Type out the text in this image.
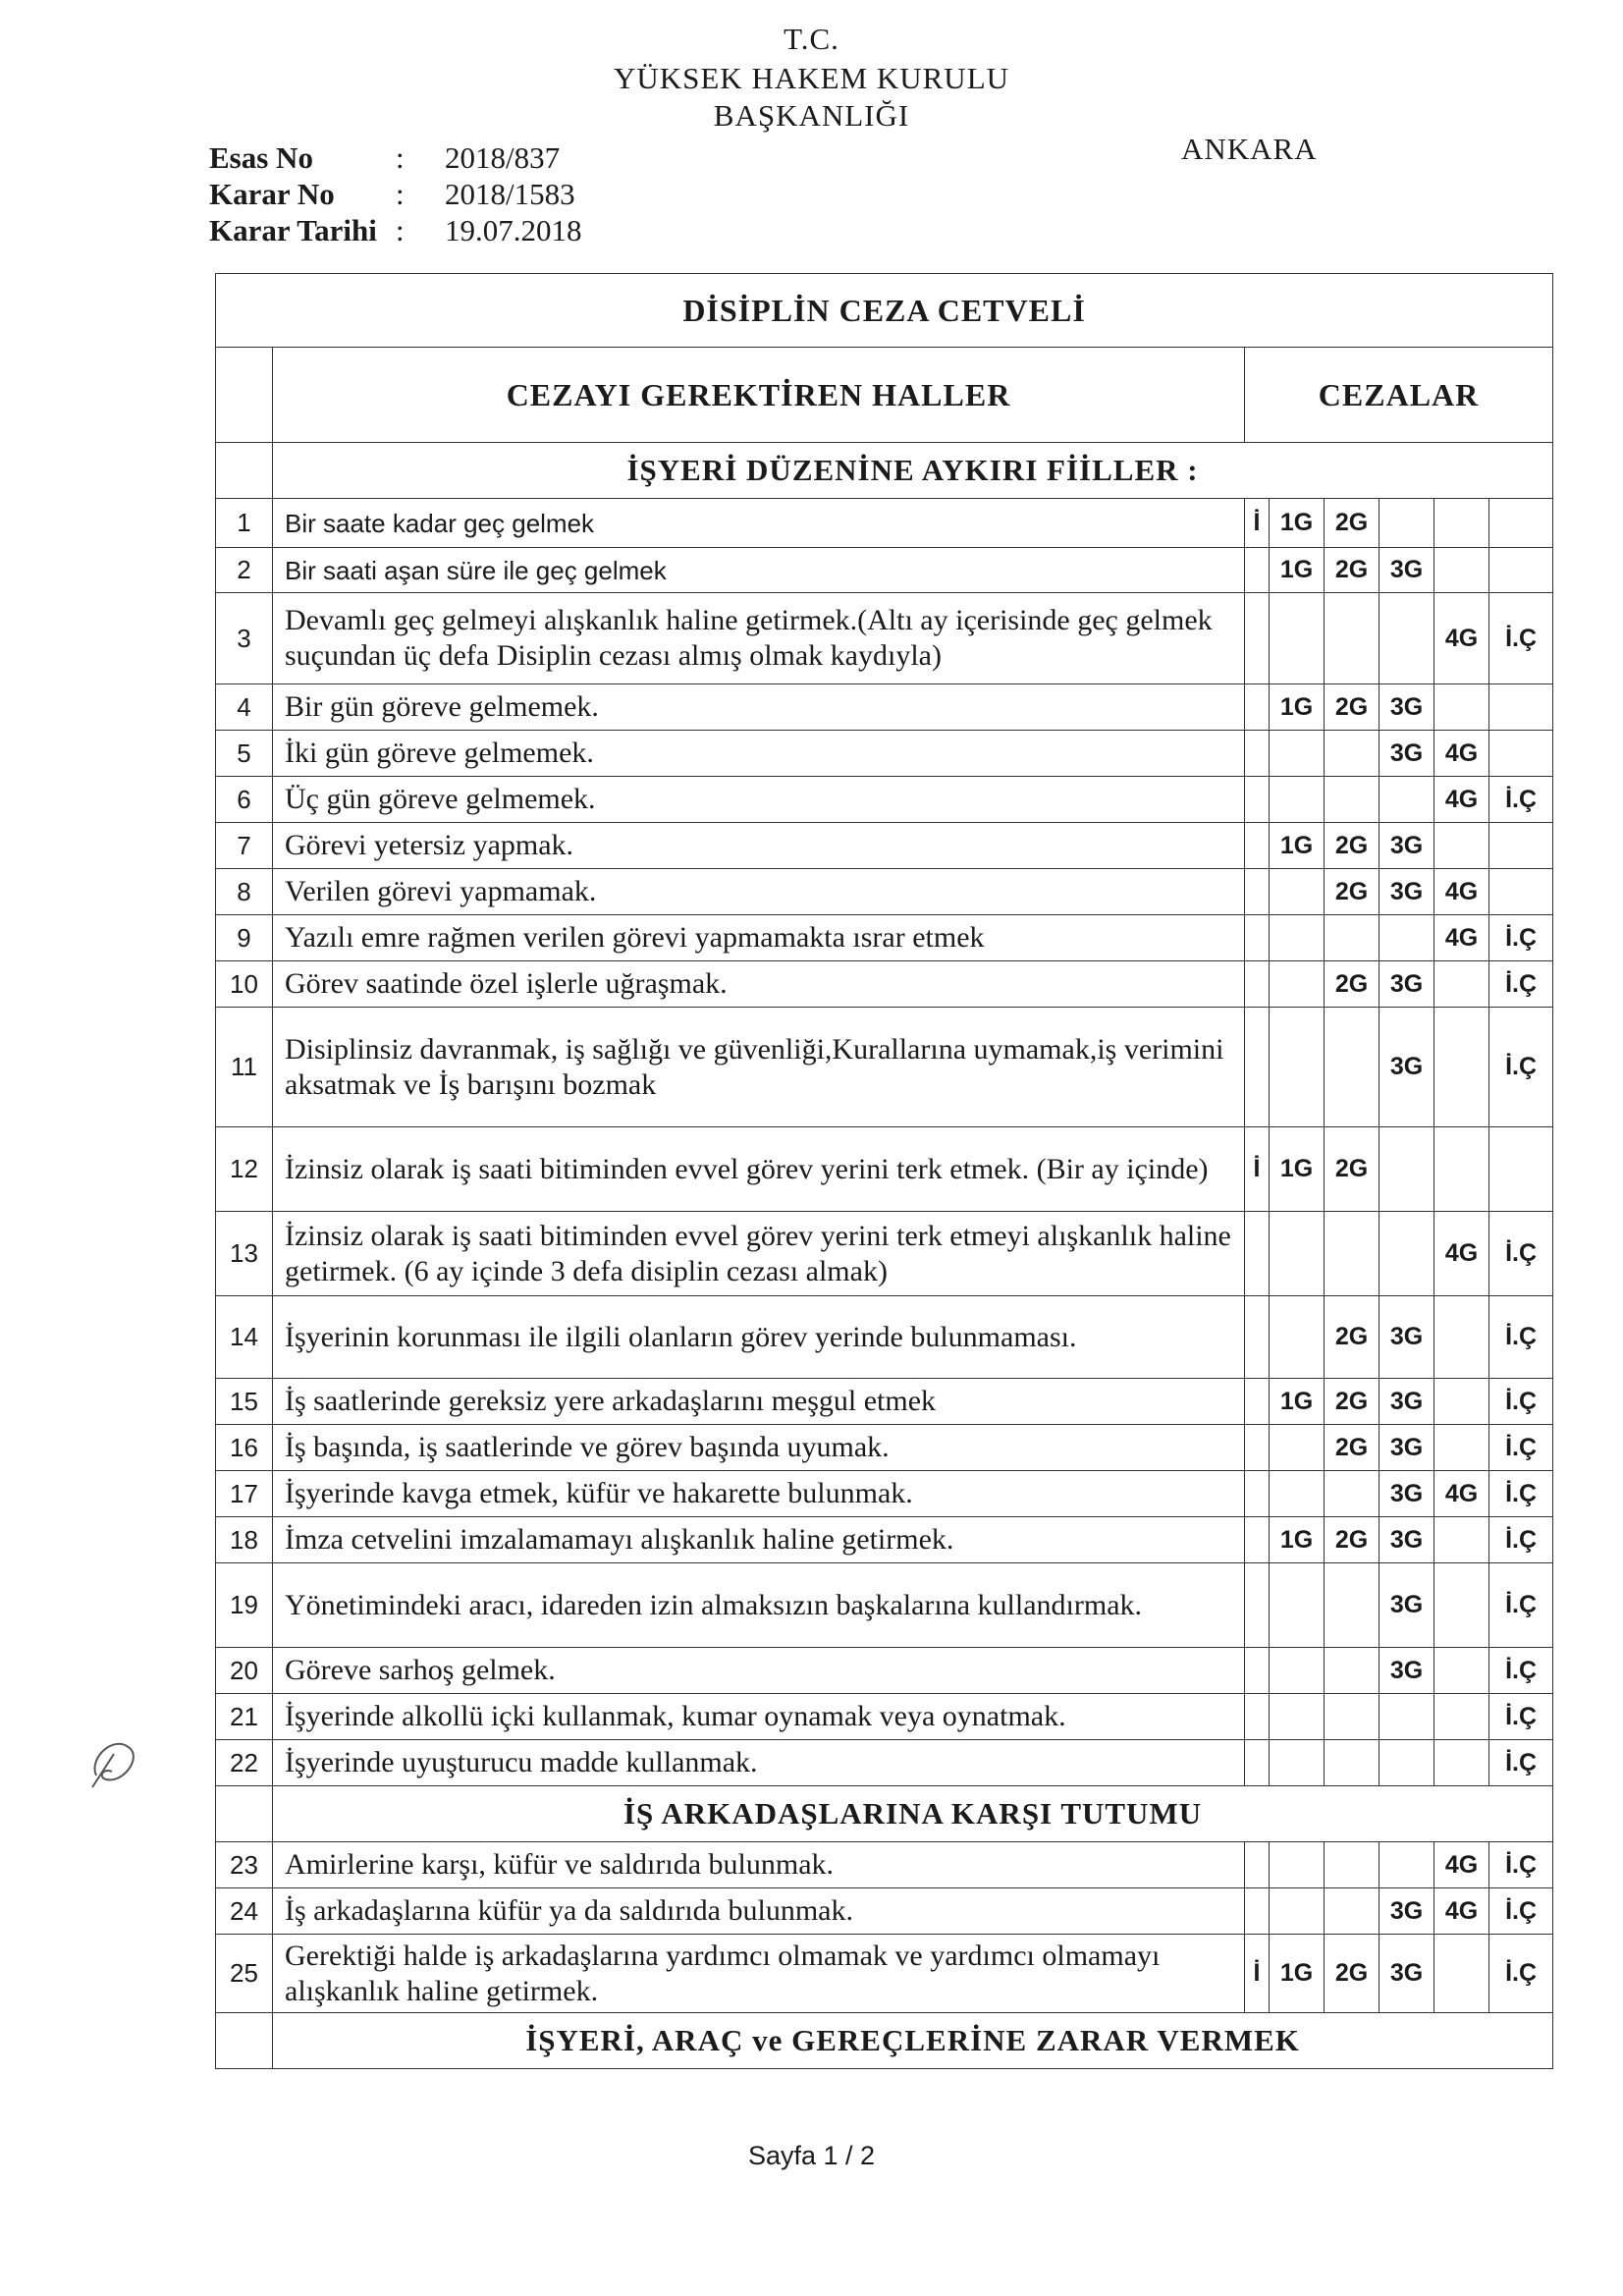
T.C.
YÜKSEK HAKEM KURULU
BAŞKANLIĞI
ANKARA
Esas No	:	2018/837
Karar No	:	2018/1583
Karar Tarihi :	19.07.2018
DİSİPLİN CEZA CETVELİ							
	CEZAYI GEREKTİREN HALLER	CEZALAR					
	İŞYERİ DÜZENİNE AYKIRI FİİLLER :						
1	Bir saate kadar geç gelmek	İ	1G	2G			
2	Bir saati aşan süre ile geç gelmek		1G	2G	3G		
3	Devamlı geç gelmeyi alışkanlık haline getirmek.(Altı ay içerisinde geç gelmek suçundan üç defa Disiplin cezası almış olmak kaydıyla)					4G	İ.Ç
4	Bir gün göreve gelmemek.		1G	2G	3G		
5	İki gün göreve gelmemek.				3G	4G	
6	Üç gün göreve gelmemek.					4G	İ.Ç
7	Görevi yetersiz yapmak.		1G	2G	3G		
8	Verilen görevi yapmamak.			2G	3G	4G	
9	Yazılı emre rağmen verilen görevi yapmamakta ısrar etmek					4G	İ.Ç
10	Görev saatinde özel işlerle uğraşmak.			2G	3G		İ.Ç
11	Disiplinsiz davranmak, iş sağlığı ve güvenliği,Kurallarına uymamak,iş verimini aksatmak ve İş barışını bozmak				3G		İ.Ç
12	İzinsiz olarak iş saati bitiminden evvel görev yerini terk etmek. (Bir ay içinde)	İ	1G	2G			
13	İzinsiz olarak iş saati bitiminden evvel görev yerini terk etmeyi alışkanlık haline getirmek. (6 ay içinde 3 defa disiplin cezası almak)					4G	İ.Ç
14	İşyerinin korunması ile ilgili olanların görev yerinde bulunmaması.			2G	3G		İ.Ç
15	İş saatlerinde gereksiz yere arkadaşlarını meşgul etmek		1G	2G	3G		İ.Ç
16	İş başında, iş saatlerinde ve görev başında uyumak.			2G	3G		İ.Ç
17	İşyerinde kavga etmek, küfür ve hakarette bulunmak.				3G	4G	İ.Ç
18	İmza cetvelini imzalamamayı alışkanlık haline getirmek.		1G	2G	3G		İ.Ç
19	Yönetimindeki aracı, idareden izin almaksızın başkalarına kullandırmak.				3G		İ.Ç
20	Göreve sarhoş gelmek.				3G		İ.Ç
21	İşyerinde alkollü içki kullanmak, kumar oynamak veya oynatmak.						İ.Ç
22	İşyerinde uyuşturucu madde kullanmak.						İ.Ç
	İŞ ARKADAŞLARINA KARŞI TUTUMU						
23	Amirlerine karşı, küfür ve saldırıda bulunmak.					4G	İ.Ç
24	İş arkadaşlarına küfür ya da saldırıda bulunmak.				3G	4G	İ.Ç
25	Gerektiği halde iş arkadaşlarına yardımcı olmamak ve yardımcı olmamayı alışkanlık haline getirmek.	İ	1G	2G	3G		İ.Ç
	İŞYERİ, ARAÇ ve GEREÇLERİNE ZARAR VERMEK						
Sayfa 1 / 2
